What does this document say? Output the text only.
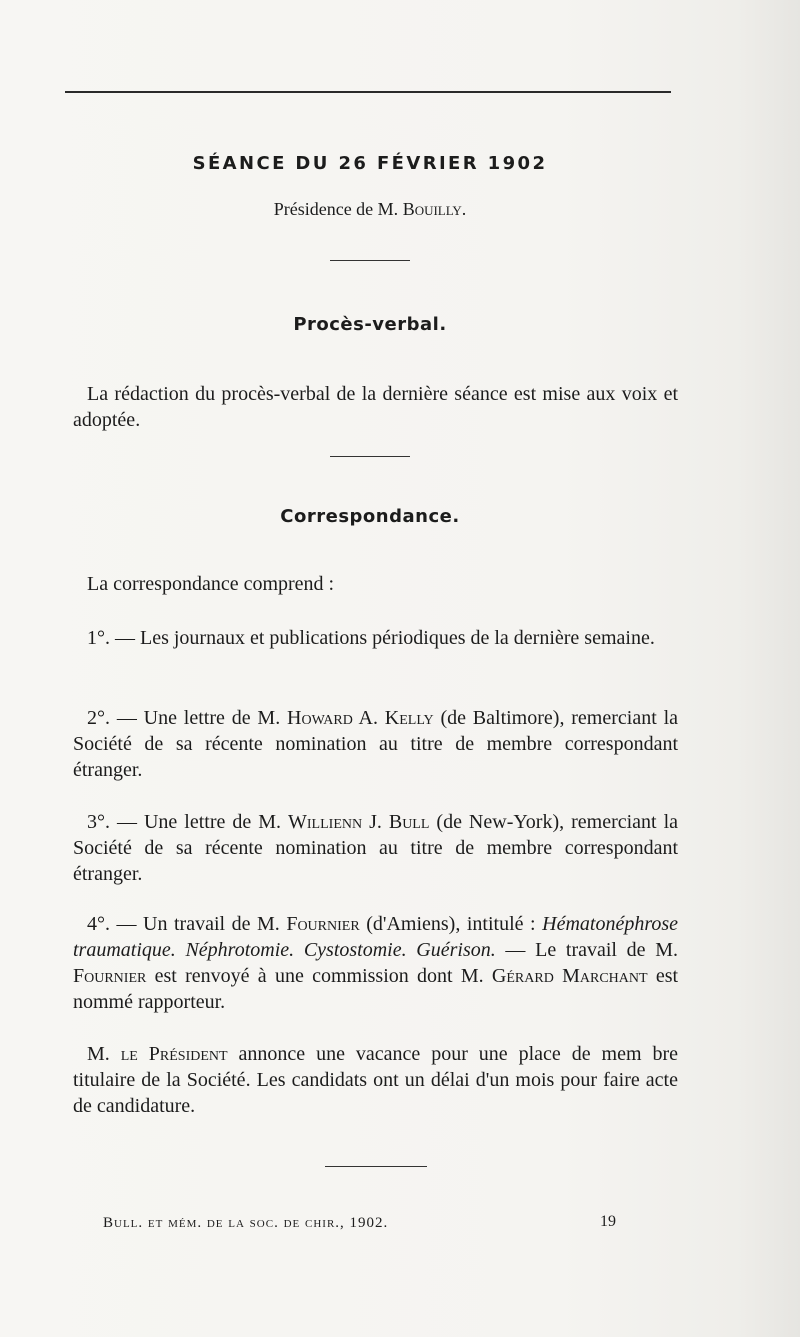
SÉANCE DU 26 FÉVRIER 1902
Présidence de M. Bouilly.
Procès-verbal.

La rédaction du procès-verbal de la dernière séance est mise aux voix et adoptée.

Correspondance.

La correspondance comprend :

1°. — Les journaux et publications périodiques de la dernière semaine.

2°. — Une lettre de M. Howard A. Kelly (de Baltimore), remerciant la Société de sa récente nomination au titre de membre correspondant étranger.

3°. — Une lettre de M. Willienn J. Bull (de New-York), remerciant la Société de sa récente nomination au titre de membre correspondant étranger.

4°. — Un travail de M. Fournier (d'Amiens), intitulé : Hématonéphrose traumatique. Néphrotomie. Cystostomie. Guérison. — Le travail de M. Fournier est renvoyé à une commission dont M. Gérard Marchant est nommé rapporteur.

M. le Président annonce une vacance pour une place de mem bre titulaire de la Société. Les candidats ont un délai d'un mois pour faire acte de candidature.

Bull. et mém. de la soc. de chir., 1902.	19
